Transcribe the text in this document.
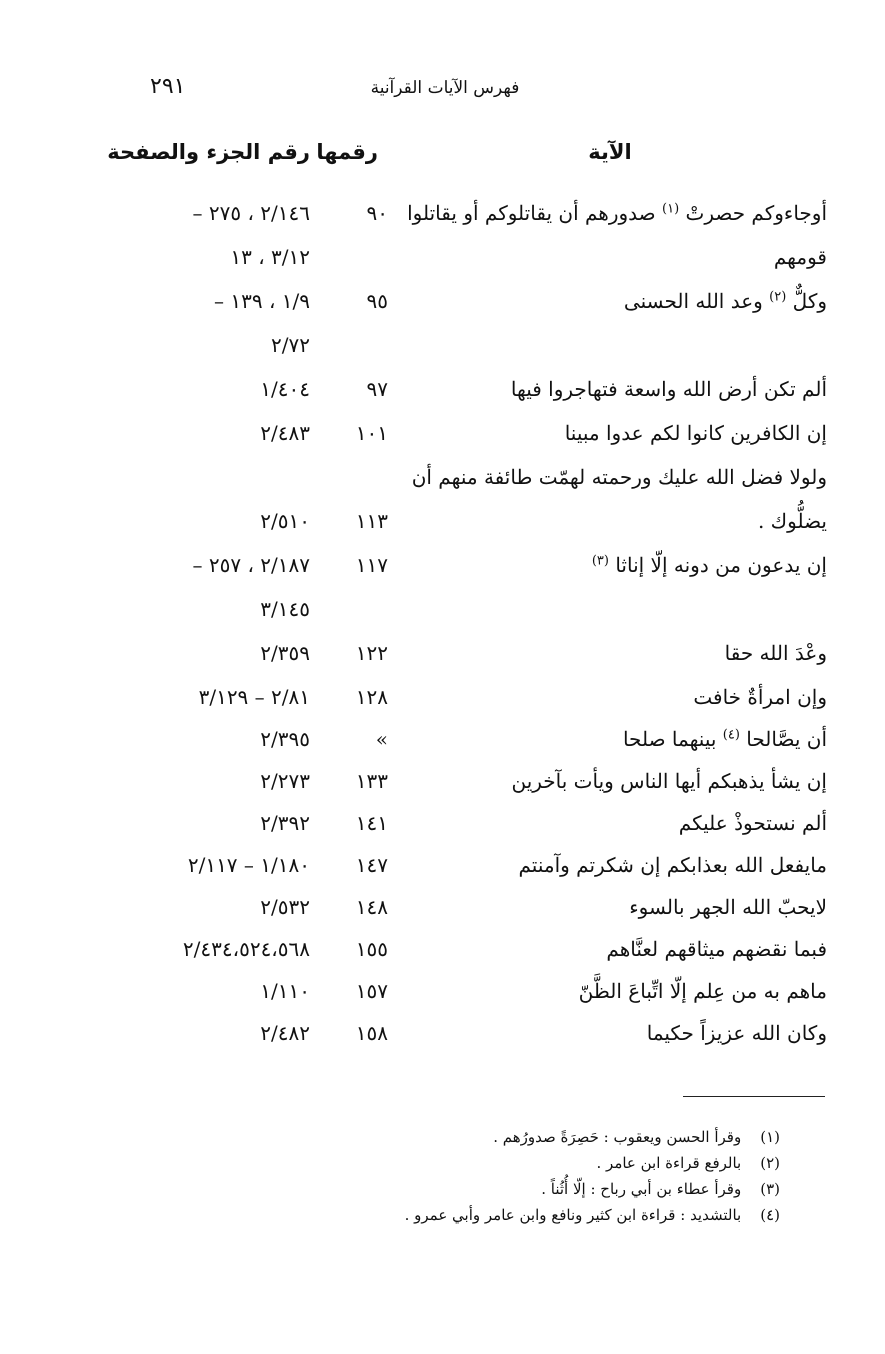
٢٩١	فهرس الآيات القرآنية
الآية
رقمها
رقم الجزء والصفحة
أوجاءوكم حصرتْ $^{(١)}$ صدورهم أن يقاتلوكم أو يقاتلوا
٩٠
٢/١٤٦ ، ٢٧٥ –
قومهم
٣/١٢ ، ١٣
وكلٌّ $^{(٢)}$ وعد الله الحسنى
٩٥
١/٩ ، ١٣٩ –
٢/٧٢
ألم تكن أرض الله واسعة فتهاجروا فيها
٩٧
١/٤٠٤
إن الكافرين كانوا لكم عدوا مبينا
١٠١
٢/٤٨٣
ولولا فضل الله عليك ورحمته لهمّت طائفة منهم أن
يضلُّوك .
١١٣
٢/٥١٠
إن يدعون من دونه إلّا إناثا $^{(٣)}$
١١٧
٢/١٨٧ ، ٢٥٧ –
٣/١٤٥
وعْدَ الله حقا
١٢٢
٢/٣٥٩
وإن امرأةٌ خافت
١٢٨
٢/٨١ – ٣/١٢٩
أن يصَّالحا $^{(٤)}$ بينهما صلحا
»
٢/٣٩٥
إن يشأ يذهبكم أيها الناس ويأت بآخرين
١٣٣
٢/٢٧٣
ألم نستحوذْ عليكم
١٤١
٢/٣٩٢
مايفعل الله بعذابكم إن شكرتم وآمنتم
١٤٧
١/١٨٠ – ٢/١١٧
لايحبّ الله الجهر بالسوء
١٤٨
٢/٥٣٢
فبما نقضهم ميثاقهم لعنَّاهم
١٥٥
٢/٤٣٤،٥٢٤،٥٦٨
ماهم به من عِلم إلّا اتِّباعَ الظَّنّ
١٥٧
١/١١٠
وكان الله عزيزاً حكيما
١٥٨
٢/٤٨٢
(١) وقرأ الحسن ويعقوب : حَصِرَةً صدورُهم .
(٢) بالرفع قراءة ابن عامر .
(٣) وقرأ عطاء بن أبي رباح : إلّا أُثُناً .
(٤) بالتشديد : قراءة ابن كثير ونافع وابن عامر وأبي عمرو .
